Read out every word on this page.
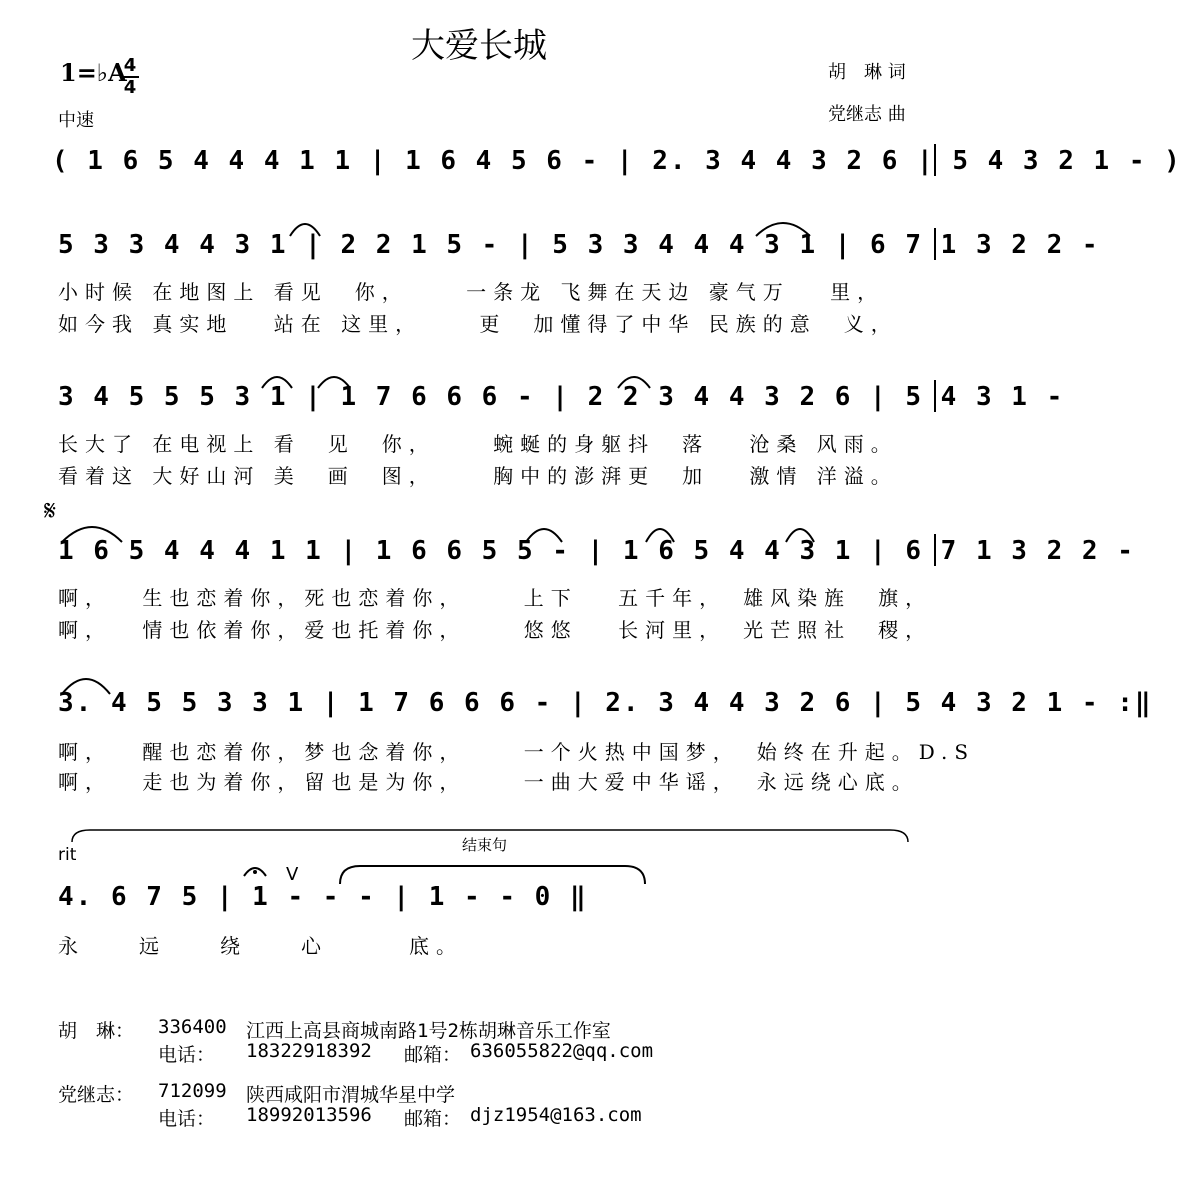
大爱长城
1=♭A
4
4
中速
胡　琳 词
党继志 曲
( 1 6 5 4 4 4 1 1 | 1 6 4 5 6 - | 2. 3 4 4 3 2 6 | 5 4 3 2 1 - )
5 3 3 4 4 3 1 | 2 2 1 5 - | 5 3 3 4 4 4 3 1 | 6 7 1 3 2 2 -
小时候 在地图上 看见　你，　　 一条龙 飞舞在天边 豪气万　 里，
如今我 真实地 　站在 这里，　　 更　加懂得了中华 民族的意　义，
3 4 5 5 5 3 1 | 1 7 6 6 6 - | 2 2 3 4 4 3 2 6 | 5 4 3 1 -
长大了 在电视上 看　见　你，　　 蜿蜒的身躯抖　落　 沧桑 风雨。
看着这 大好山河 美　画　图，　　 胸中的澎湃更　加　 激情 洋溢。
𝄋
1 6 5 4 4 4 1 1 | 1 6 6 5 5 - | 1 6 5 4 4 3 1 | 6 7 1 3 2 2 -
啊，　 生也恋着你，死也恋着你，　　 上下　 五千年，　雄风染旌　旗，
啊，　 情也依着你，爱也托着你，　　 悠悠　 长河里，　光芒照社　稷，
3. 4 5 5 3 3 1 | 1 7 6 6 6 - | 2. 3 4 4 3 2 6 | 5 4 3 2 1 - :‖
啊，　 醒也恋着你，梦也念着你，　　 一个火热中国梦，　始终在升起。D.S
啊，　 走也为着你，留也是为你，　　 一曲大爱中华谣，　永远绕心底。
rit	结束句
V
4. 6 7 5 | 1 - - - | 1 - - 0 ‖
永　　远　　绕　　心　　　底。
胡　琳： 336400 江西上高县商城南路1号2栋胡琳音乐工作室
电话： 18322918392 邮箱： 636055822@qq.com
党继志： 712099 陕西咸阳市渭城华星中学
电话： 18992013596 邮箱： djz1954@163.com
